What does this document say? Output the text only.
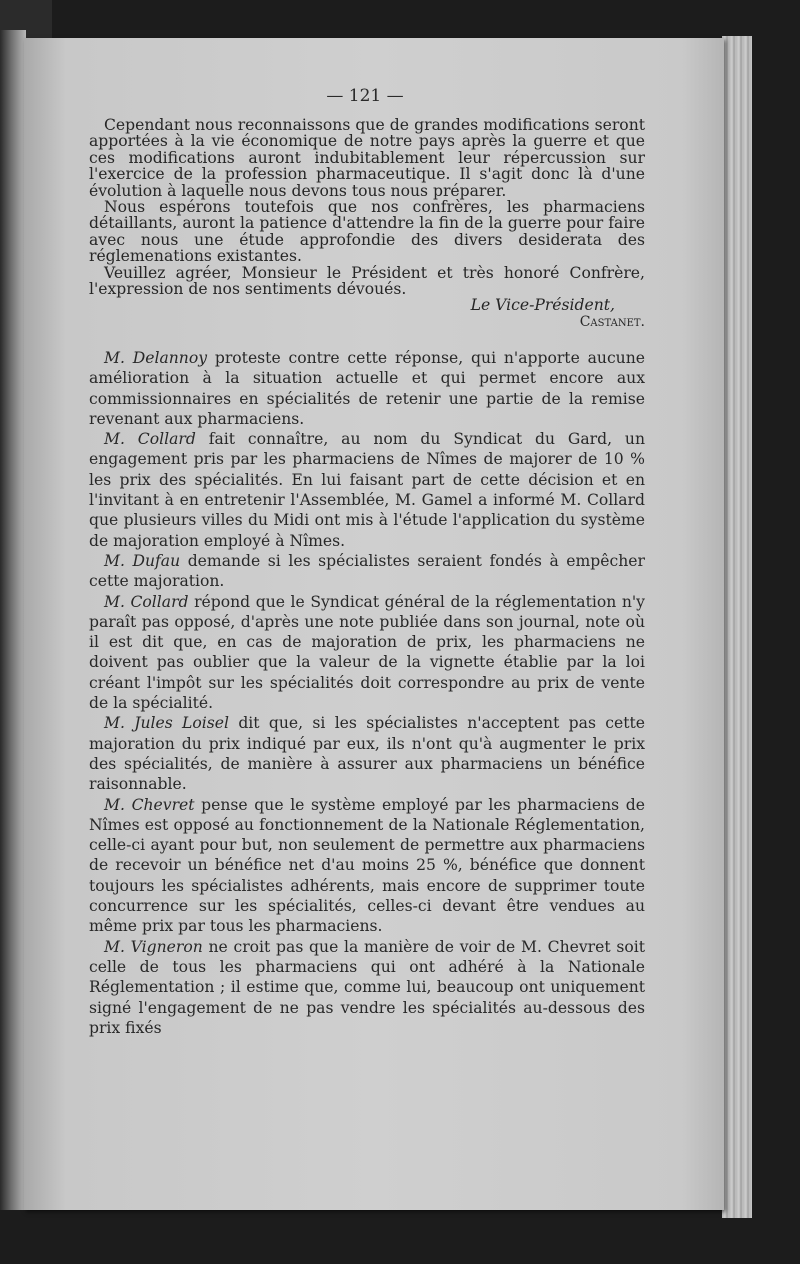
— 121 —

Cependant nous reconnaissons que de grandes modifications seront apportées à la vie économique de notre pays après la guerre et que ces modifications auront indubitablement leur répercussion sur l'exercice de la profession pharmaceutique. Il s'agit donc là d'une évolution à laquelle nous devons tous nous préparer.

Nous espérons toutefois que nos confrères, les pharmaciens détaillants, auront la patience d'attendre la fin de la guerre pour faire avec nous une étude approfondie des divers desiderata des réglemenations existantes.

Veuillez agréer, Monsieur le Président et très honoré Confrère, l'expression de nos sentiments dévoués.

Le Vice-Président,
Castanet.

M. Delannoy proteste contre cette réponse, qui n'apporte aucune amélioration à la situation actuelle et qui permet encore aux commissionnaires en spécialités de retenir une partie de la remise revenant aux pharmaciens.

M. Collard fait connaître, au nom du Syndicat du Gard, un engagement pris par les pharmaciens de Nîmes de majorer de 10 % les prix des spécialités. En lui faisant part de cette décision et en l'invitant à en entretenir l'Assemblée, M. Gamel a informé M. Collard que plusieurs villes du Midi ont mis à l'étude l'application du système de majoration employé à Nîmes.

M. Dufau demande si les spécialistes seraient fondés à empêcher cette majoration.

M. Collard répond que le Syndicat général de la réglementation n'y paraît pas opposé, d'après une note publiée dans son journal, note où il est dit que, en cas de majoration de prix, les pharmaciens ne doivent pas oublier que la valeur de la vignette établie par la loi créant l'impôt sur les spécialités doit correspondre au prix de vente de la spécialité.

M. Jules Loisel dit que, si les spécialistes n'acceptent pas cette majoration du prix indiqué par eux, ils n'ont qu'à augmenter le prix des spécialités, de manière à assurer aux pharmaciens un bénéfice raisonnable.

M. Chevret pense que le système employé par les pharmaciens de Nîmes est opposé au fonctionnement de la Nationale Réglementation, celle-ci ayant pour but, non seulement de permettre aux pharmaciens de recevoir un bénéfice net d'au moins 25 %, bénéfice que donnent toujours les spécialistes adhérents, mais encore de supprimer toute concurrence sur les spécialités, celles-ci devant être vendues au même prix par tous les pharmaciens.

M. Vigneron ne croit pas que la manière de voir de M. Chevret soit celle de tous les pharmaciens qui ont adhéré à la Nationale Réglementation ; il estime que, comme lui, beaucoup ont uniquement signé l'engagement de ne pas vendre les spécialités au-dessous des prix fixés
